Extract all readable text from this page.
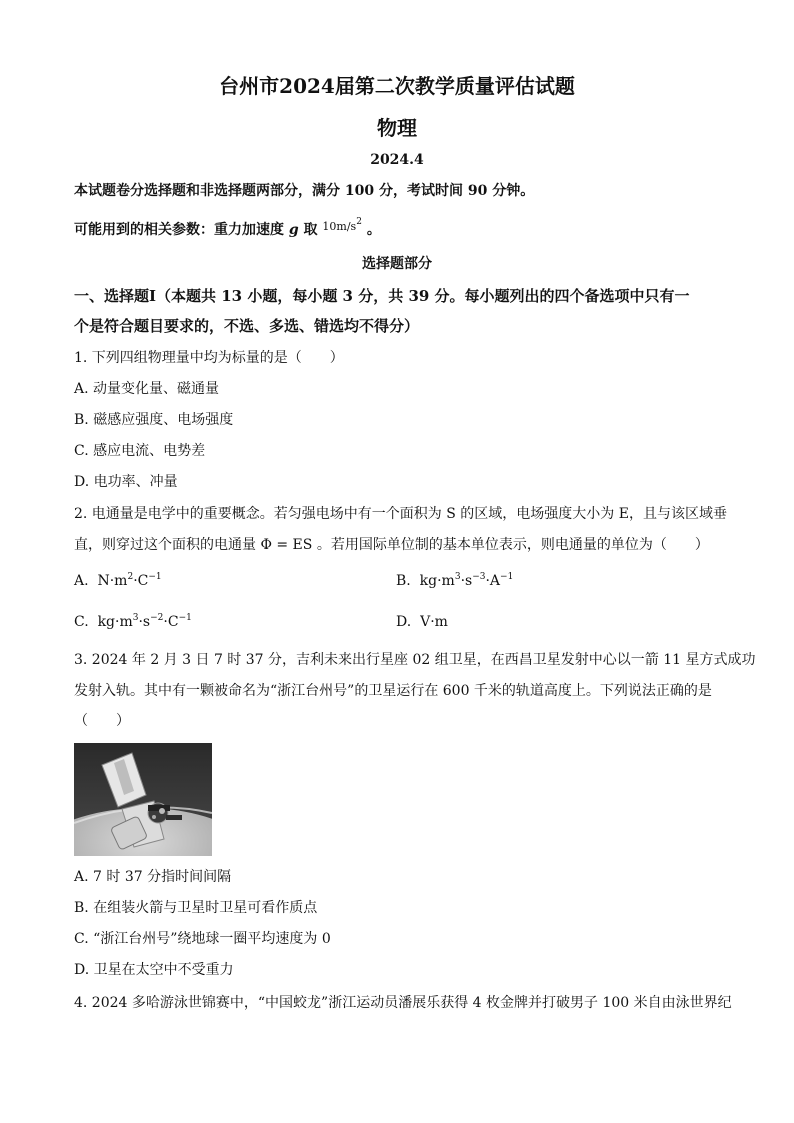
台州市2024届第二次教学质量评估试题
物理
2024.4
本试题卷分选择题和非选择题两部分，满分 100 分，考试时间 90 分钟。
可能用到的相关参数：重力加速度 g 取 $^{10m/s^2}$ 。
选择题部分
一、选择题Ⅰ（本题共 13 小题，每小题 3 分，共 39 分。每小题列出的四个备选项中只有一
个是符合题目要求的，不选、多选、错选均不得分）
1. 下列四组物理量中均为标量的是（　　）
A. 动量变化量、磁通量
B. 磁感应强度、电场强度
C. 感应电流、电势差
D. 电功率、冲量
2. 电通量是电学中的重要概念。若匀强电场中有一个面积为 S 的区域，电场强度大小为 E，且与该区域垂
直，则穿过这个面积的电通量 Φ = ES 。若用国际单位制的基本单位表示，则电通量的单位为（　　）
A. $N\cdot m^2\cdot C^{-1}$	B. $kg\cdot m^3\cdot s^{-3}\cdot A^{-1}$
C. $kg\cdot m^3\cdot s^{-2}\cdot C^{-1}$	D. V·m
3. 2024 年 2 月 3 日 7 时 37 分，吉利未来出行星座 02 组卫星，在西昌卫星发射中心以一箭 11 星方式成功
发射入轨。其中有一颗被命名为“浙江台州号”的卫星运行在 600 千米的轨道高度上。下列说法正确的是
（　　）
A. 7 时 37 分指时间间隔
B. 在组装火箭与卫星时卫星可看作质点
C. “浙江台州号”绕地球一圈平均速度为 0
D. 卫星在太空中不受重力
4. 2024 多哈游泳世锦赛中，“中国蛟龙”浙江运动员潘展乐获得 4 枚金牌并打破男子 100 米自由泳世界纪
